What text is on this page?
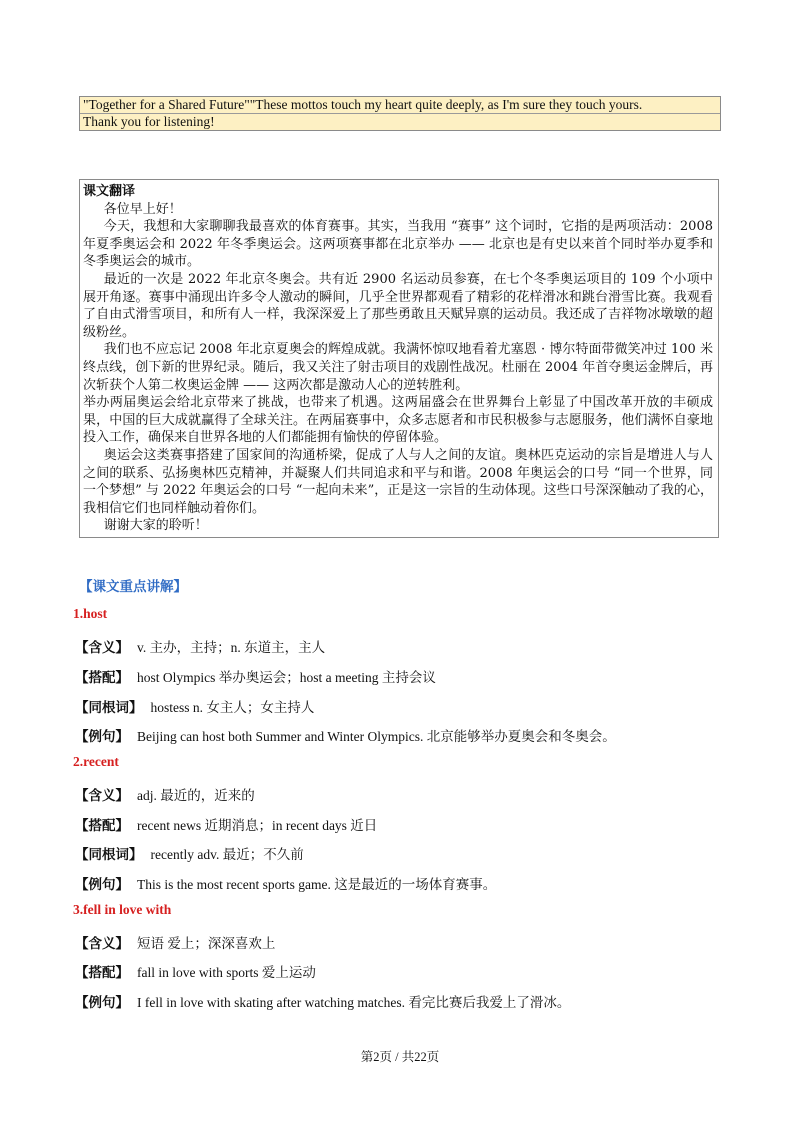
"Together for a Shared Future""These mottos touch my heart quite deeply, as I'm sure they touch yours.
Thank you for listening!
课文翻译

各位早上好！

今天，我想和大家聊聊我最喜欢的体育赛事。其实，当我用 “赛事” 这个词时，它指的是两项活动：2008 年夏季奥运会和 2022 年冬季奥运会。这两项赛事都在北京举办 —— 北京也是有史以来首个同时举办夏季和冬季奥运会的城市。

最近的一次是 2022 年北京冬奥会。共有近 2900 名运动员参赛，在七个冬季奥运项目的 109 个小项中展开角逐。赛事中涌现出许多令人激动的瞬间，几乎全世界都观看了精彩的花样滑冰和跳台滑雪比赛。我观看了自由式滑雪项目，和所有人一样，我深深爱上了那些勇敢且天赋异禀的运动员。我还成了吉祥物冰墩墩的超级粉丝。

我们也不应忘记 2008 年北京夏奥会的辉煌成就。我满怀惊叹地看着尤塞恩 · 博尔特面带微笑冲过 100 米终点线，创下新的世界纪录。随后，我又关注了射击项目的戏剧性战况。杜丽在 2004 年首夺奥运金牌后，再次斩获个人第二枚奥运金牌 —— 这两次都是激动人心的逆转胜利。

举办两届奥运会给北京带来了挑战，也带来了机遇。这两届盛会在世界舞台上彰显了中国改革开放的丰硕成果，中国的巨大成就赢得了全球关注。在两届赛事中，众多志愿者和市民积极参与志愿服务，他们满怀自豪地投入工作，确保来自世界各地的人们都能拥有愉快的停留体验。

奥运会这类赛事搭建了国家间的沟通桥梁，促成了人与人之间的友谊。奥林匹克运动的宗旨是增进人与人之间的联系、弘扬奥林匹克精神，并凝聚人们共同追求和平与和谐。2008 年奥运会的口号 “同一个世界，同一个梦想” 与 2022 年奥运会的口号 “一起向未来”，正是这一宗旨的生动体现。这些口号深深触动了我的心，我相信它们也同样触动着你们。

谢谢大家的聆听！

【课文重点讲解】
1.host
【含义】 v. 主办，主持；n. 东道主，主人
【搭配】 host Olympics 举办奥运会；host a meeting 主持会议
【同根词】 hostess n. 女主人；女主持人
【例句】 Beijing can host both Summer and Winter Olympics. 北京能够举办夏奥会和冬奥会。
2.recent
【含义】 adj. 最近的，近来的
【搭配】 recent news 近期消息；in recent days 近日
【同根词】 recently adv. 最近；不久前
【例句】 This is the most recent sports game. 这是最近的一场体育赛事。
3.fell in love with
【含义】 短语 爱上；深深喜欢上
【搭配】 fall in love with sports 爱上运动
【例句】 I fell in love with skating after watching matches. 看完比赛后我爱上了滑冰。
第2页 / 共22页
